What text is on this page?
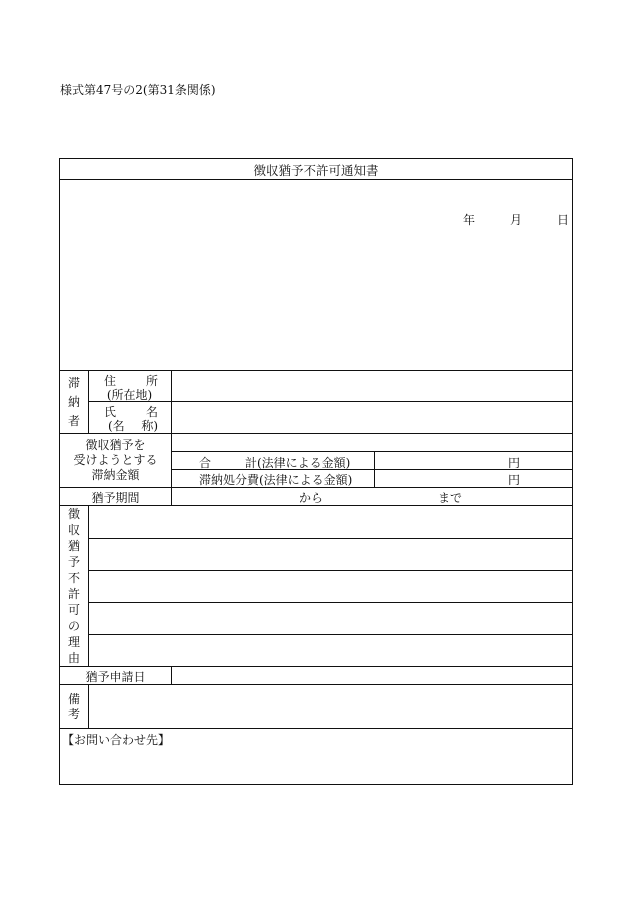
様式第47号の2(第31条関係)
徴収猶予不許可通知書
年	月	日
滞
納
者
住 所
(所在地)
氏 名
(名 称)
徴収猶予を
受けようとする
滞納金額
合	計(法律による金額)	円
滞納処分費(法律による金額)	円
猶予期間	から	まで
徴
収
猶
予
不
許
可
の
理
由
猶予申請日
備
考
【お問い合わせ先】
